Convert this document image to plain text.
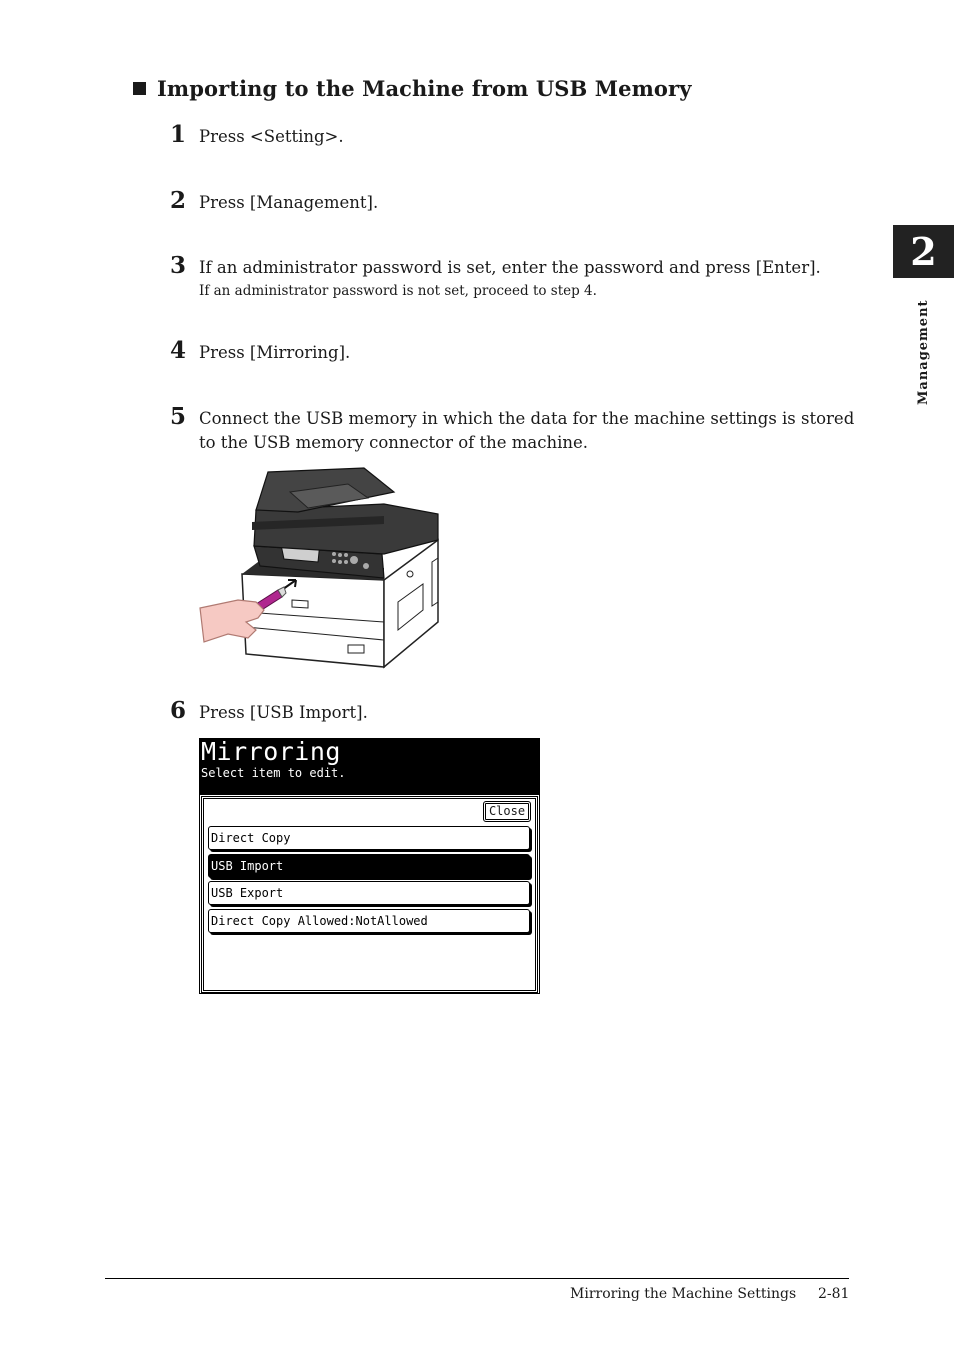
Importing to the Machine from USB Memory
1 Press <Setting>.
2 Press [Management].
3 If an administrator password is set, enter the password and press [Enter].
If an administrator password is not set, proceed to step 4.
4 Press [Mirroring].
5 Connect the USB memory in which the data for the machine settings is stored
to the USB memory connector of the machine.
6 Press [USB Import].
Mirroring
Select item to edit.
Close
Direct Copy
USB Import
USB Export
Direct Copy Allowed:NotAllowed
2
Management
Mirroring the Machine Settings 2-81
